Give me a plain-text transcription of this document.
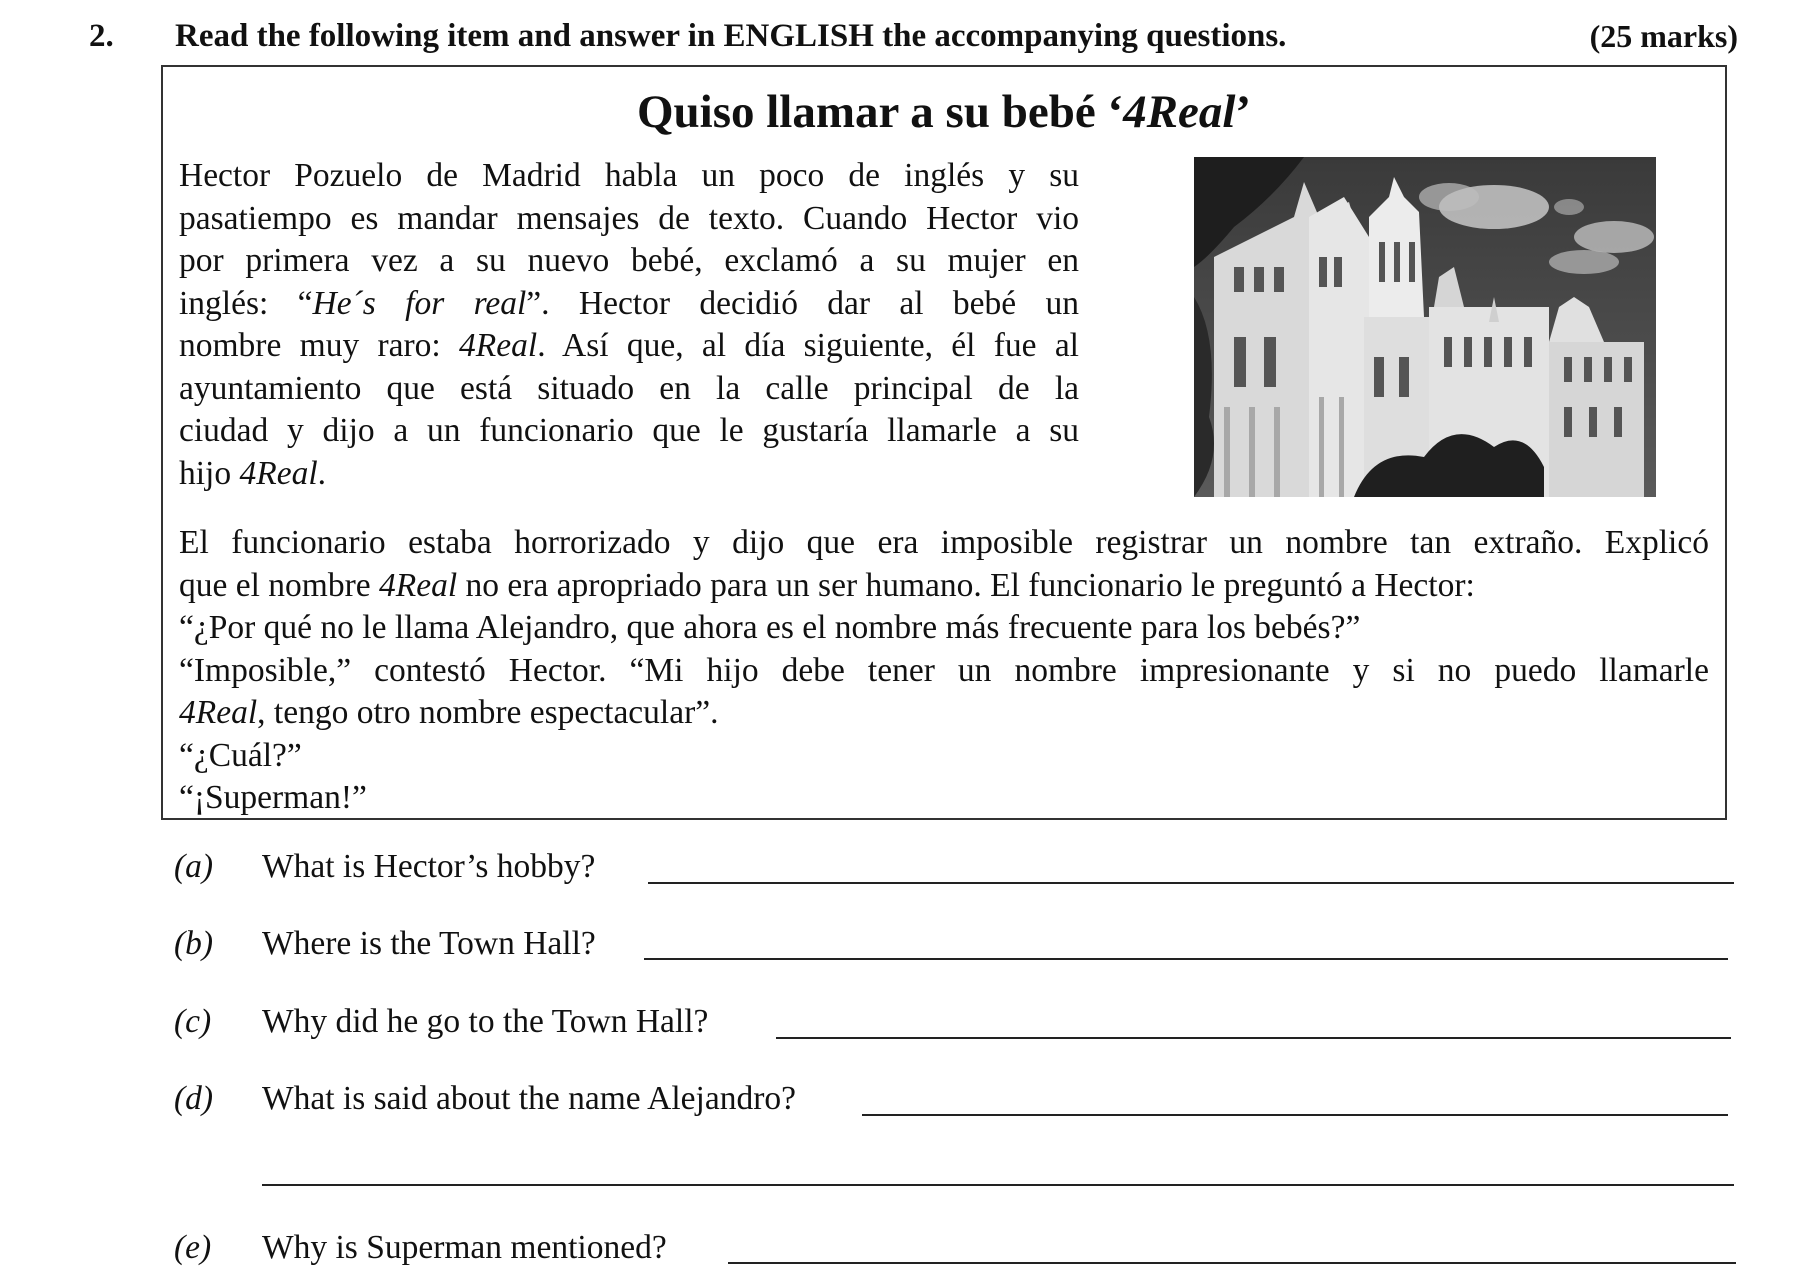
2. Read the following item and answer in ENGLISH the accompanying questions.	(25 marks)
Quiso llamar a su bebé ‘4Real’
Hector Pozuelo de Madrid habla un poco de inglés y su
pasatiempo es mandar mensajes de texto. Cuando Hector vio
por primera vez a su nuevo bebé, exclamó a su mujer en
inglés: “He´s for real”. Hector decidió dar al bebé un
nombre muy raro: 4Real. Así que, al día siguiente, él fue al
ayuntamiento que está situado en la calle principal de la
ciudad y dijo a un funcionario que le gustaría llamarle a su
hijo 4Real.
El funcionario estaba horrorizado y dijo que era imposible registrar un nombre tan extraño. Explicó
que el nombre 4Real no era apropriado para un ser humano. El funcionario le preguntó a Hector:
“¿Por qué no le llama Alejandro, que ahora es el nombre más frecuente para los bebés?”
“Imposible,” contestó Hector. “Mi hijo debe tener un nombre impresionante y si no puedo llamarle
4Real, tengo otro nombre espectacular”.
“¿Cuál?”
“¡Superman!”
(a) What is Hector’s hobby?
(b) Where is the Town Hall?
(c) Why did he go to the Town Hall?
(d) What is said about the name Alejandro?
(e) Why is Superman mentioned?
